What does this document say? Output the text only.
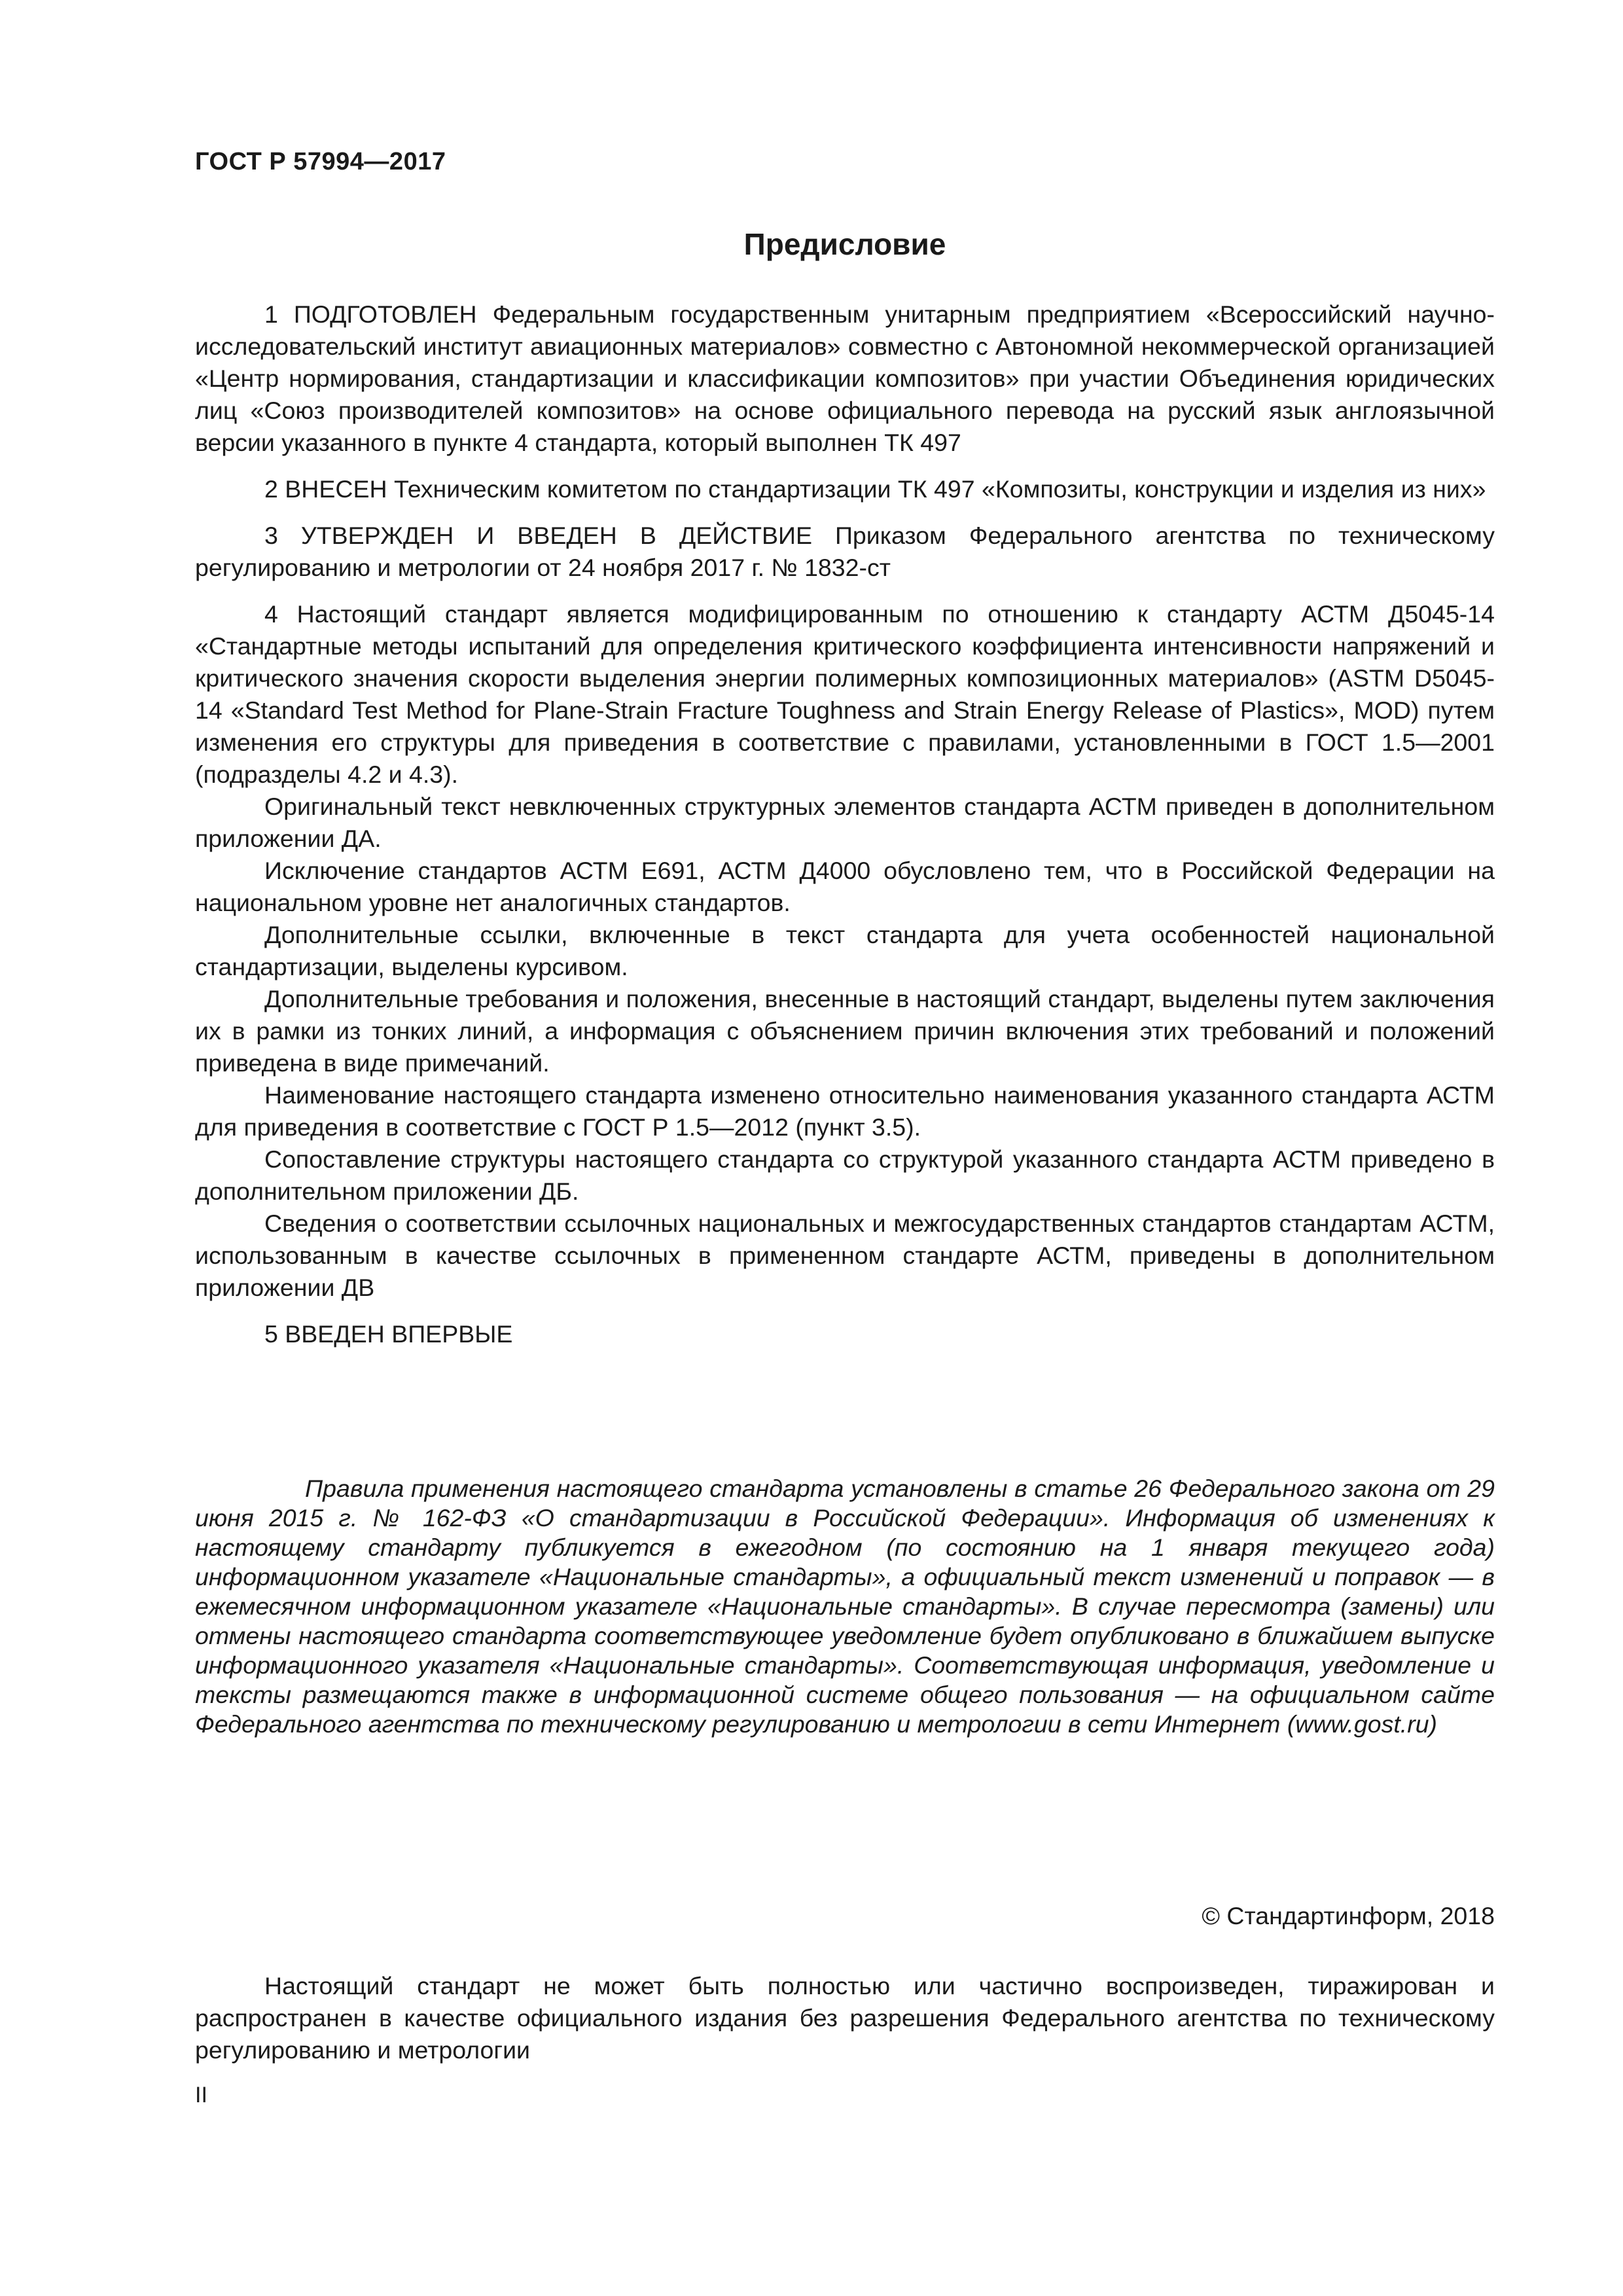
ГОСТ Р 57994—2017

Предисловие

1 ПОДГОТОВЛЕН Федеральным государственным унитарным предприятием «Всероссийский научно-исследовательский институт авиационных материалов» совместно с Автономной некоммерческой организацией «Центр нормирования, стандартизации и классификации композитов» при участии Объединения юридических лиц «Союз производителей композитов» на основе официального перевода на русский язык англоязычной версии указанного в пункте 4 стандарта, который выполнен ТК 497

2 ВНЕСЕН Техническим комитетом по стандартизации ТК 497 «Композиты, конструкции и изделия из них»

3 УТВЕРЖДЕН И ВВЕДЕН В ДЕЙСТВИЕ Приказом Федерального агентства по техническому регулированию и метрологии от 24 ноября 2017 г. № 1832-ст

4 Настоящий стандарт является модифицированным по отношению к стандарту АСТМ Д5045-14 «Стандартные методы испытаний для определения критического коэффициента интенсивности напряжений и критического значения скорости выделения энергии полимерных композиционных материалов» (ASTM D5045-14 «Standard Test Method for Plane-Strain Fracture Toughness and Strain Energy Release of Plastics», MOD) путем изменения его структуры для приведения в соответствие с правилами, установленными в ГОСТ 1.5—2001 (подразделы 4.2 и 4.3).

Оригинальный текст невключенных структурных элементов стандарта АСТМ приведен в дополнительном приложении ДА.

Исключение стандартов АСТМ Е691, АСТМ Д4000 обусловлено тем, что в Российской Федерации на национальном уровне нет аналогичных стандартов.

Дополнительные ссылки, включенные в текст стандарта для учета особенностей национальной стандартизации, выделены курсивом.

Дополнительные требования и положения, внесенные в настоящий стандарт, выделены путем заключения их в рамки из тонких линий, а информация с объяснением причин включения этих требований и положений приведена в виде примечаний.

Наименование настоящего стандарта изменено относительно наименования указанного стандарта АСТМ для приведения в соответствие с ГОСТ Р 1.5—2012 (пункт 3.5).

Сопоставление структуры настоящего стандарта со структурой указанного стандарта АСТМ приведено в дополнительном приложении ДБ.

Сведения о соответствии ссылочных национальных и межгосударственных стандартов стандартам АСТМ, использованным в качестве ссылочных в примененном стандарте АСТМ, приведены в дополнительном приложении ДВ

5 ВВЕДЕН ВПЕРВЫЕ

Правила применения настоящего стандарта установлены в статье 26 Федерального закона от 29 июня 2015 г. № 162-ФЗ «О стандартизации в Российской Федерации». Информация об изменениях к настоящему стандарту публикуется в ежегодном (по состоянию на 1 января текущего года) информационном указателе «Национальные стандарты», а официальный текст изменений и поправок — в ежемесячном информационном указателе «Национальные стандарты». В случае пересмотра (замены) или отмены настоящего стандарта соответствующее уведомление будет опубликовано в ближайшем выпуске информационного указателя «Национальные стандарты». Соответствующая информация, уведомление и тексты размещаются также в информационной системе общего пользования — на официальном сайте Федерального агентства по техническому регулированию и метрологии в сети Интернет (www.gost.ru)

© Стандартинформ, 2018

Настоящий стандарт не может быть полностью или частично воспроизведен, тиражирован и распространен в качестве официального издания без разрешения Федерального агентства по техническому регулированию и метрологии

II
